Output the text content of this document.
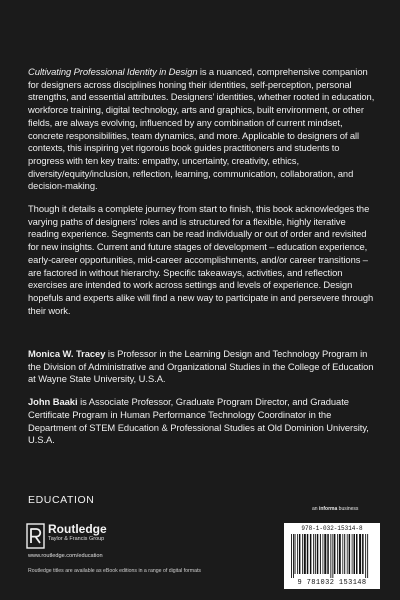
Cultivating Professional Identity in Design is a nuanced, comprehensive companion for designers across disciplines honing their identities, self-perception, personal strengths, and essential attributes. Designers’ identities, whether rooted in education, workforce training, digital technology, arts and graphics, built environment, or other fields, are always evolving, influenced by any combination of current mindset, concrete responsibilities, team dynamics, and more. Applicable to designers of all contexts, this inspiring yet rigorous book guides practitioners and students to progress with ten key traits: empathy, uncertainty, creativity, ethics, diversity/equity/inclusion, reflection, learning, communication, collaboration, and decision-making.

Though it details a complete journey from start to finish, this book acknowledges the varying paths of designers’ roles and is structured for a flexible, highly iterative reading experience. Segments can be read individually or out of order and revisited for new insights. Current and future stages of development – education experience, early-career opportunities, mid-career accomplishments, and/or career transitions – are factored in without hierarchy. Specific takeaways, activities, and reflection exercises are intended to work across settings and levels of experience. Design hopefuls and experts alike will find a new way to participate in and persevere through their work.

Monica W. Tracey is Professor in the Learning Design and Technology Program in the Division of Administrative and Organizational Studies in the College of Education at Wayne State University, U.S.A.

John Baaki is Associate Professor, Graduate Program Director, and Graduate Certificate Program in Human Performance Technology Coordinator in the Department of STEM Education & Professional Studies at Old Dominion University, U.S.A.

EDUCATION
an informa business
Routledge
Taylor & Francis Group
www.routledge.com/education
Routledge titles are available as eBook editions in a range of digital formats
978-1-032-15314-8
9 781032 153148
